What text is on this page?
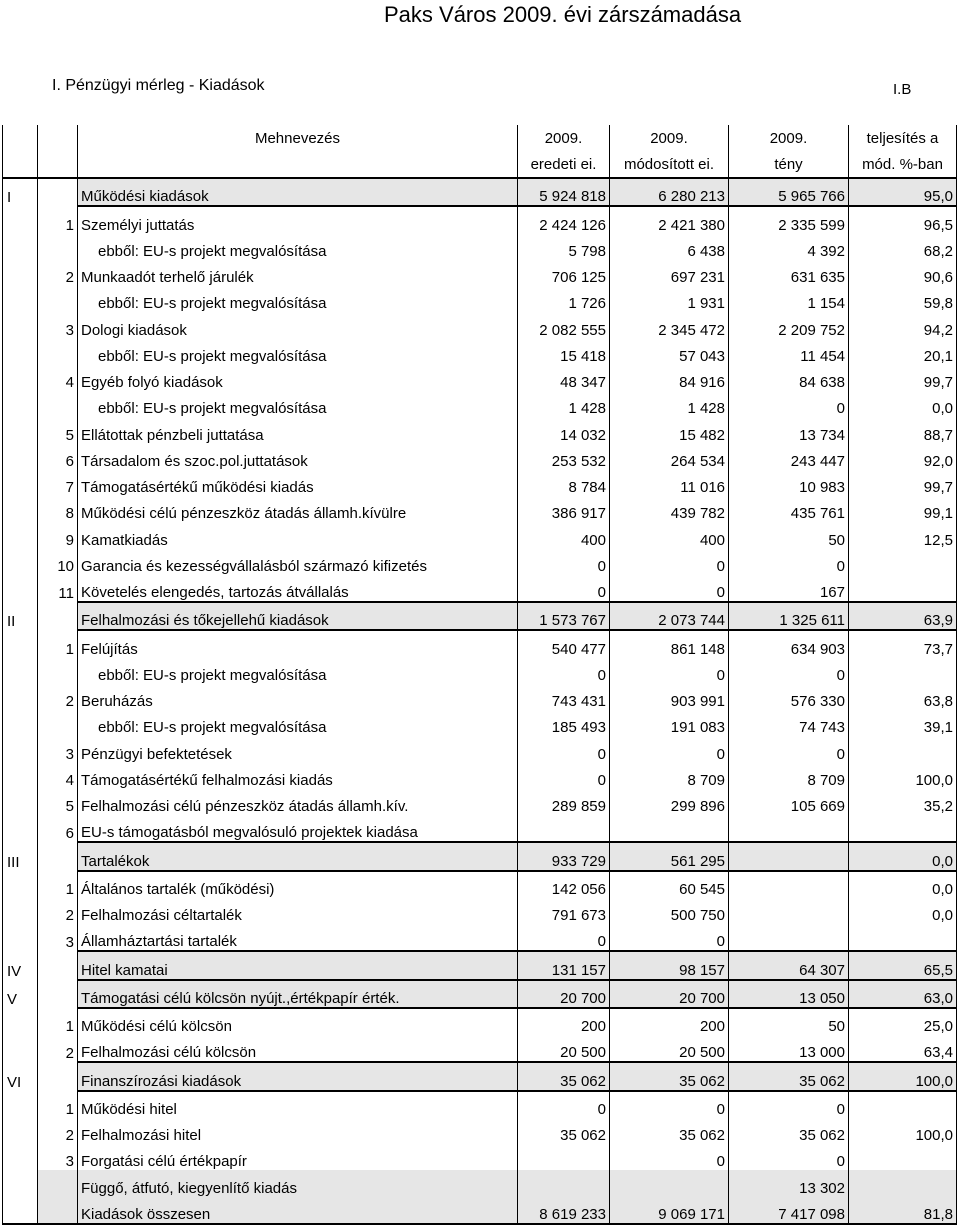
Paks Város 2009. évi zárszámadása
I. Pénzügyi mérleg - Kiadások	I.B
		Mehnevezés	2009.	2009.	2009.	teljesítés a
			eredeti ei.	módosított ei.	tény	mód. %-ban
I		Működési kiadások	5 924 818	6 280 213	5 965 766	95,0
	1	Személyi juttatás	2 424 126	2 421 380	2 335 599	96,5
		ebből: EU-s projekt megvalósítása	5 798	6 438	4 392	68,2
	2	Munkaadót terhelő járulék	706 125	697 231	631 635	90,6
		ebből: EU-s projekt megvalósítása	1 726	1 931	1 154	59,8
	3	Dologi kiadások	2 082 555	2 345 472	2 209 752	94,2
		ebből: EU-s projekt megvalósítása	15 418	57 043	11 454	20,1
	4	Egyéb folyó kiadások	48 347	84 916	84 638	99,7
		ebből: EU-s projekt megvalósítása	1 428	1 428	0	0,0
	5	Ellátottak pénzbeli juttatása	14 032	15 482	13 734	88,7
	6	Társadalom és szoc.pol.juttatások	253 532	264 534	243 447	92,0
	7	Támogatásértékű működési kiadás	8 784	11 016	10 983	99,7
	8	Működési célú pénzeszköz átadás államh.kívülre	386 917	439 782	435 761	99,1
	9	Kamatkiadás	400	400	50	12,5
	10	Garancia és kezességvállalásból származó kifizetés	0	0	0	
	11	Követelés elengedés, tartozás átvállalás	0	0	167	
II		Felhalmozási és tőkejellehű kiadások	1 573 767	2 073 744	1 325 611	63,9
	1	Felújítás	540 477	861 148	634 903	73,7
		ebből: EU-s projekt megvalósítása	0	0	0	
	2	Beruházás	743 431	903 991	576 330	63,8
		ebből: EU-s projekt megvalósítása	185 493	191 083	74 743	39,1
	3	Pénzügyi befektetések	0	0	0	
	4	Támogatásértékű felhalmozási kiadás	0	8 709	8 709	100,0
	5	Felhalmozási célú pénzeszköz átadás államh.kív.	289 859	299 896	105 669	35,2
	6	EU-s támogatásból megvalósuló projektek kiadása				
III		Tartalékok	933 729	561 295		0,0
	1	Általános tartalék (működési)	142 056	60 545		0,0
	2	Felhalmozási céltartalék	791 673	500 750		0,0
	3	Államháztartási tartalék	0	0		
IV		Hitel kamatai	131 157	98 157	64 307	65,5
V		Támogatási célú kölcsön nyújt.,értékpapír érték.	20 700	20 700	13 050	63,0
	1	Működési célú kölcsön	200	200	50	25,0
	2	Felhalmozási célú kölcsön	20 500	20 500	13 000	63,4
VI		Finanszírozási kiadások	35 062	35 062	35 062	100,0
	1	Működési hitel	0	0	0	
	2	Felhalmozási hitel	35 062	35 062	35 062	100,0
	3	Forgatási célú értékpapír		0	0	
		Függő, átfutó, kiegyenlítő kiadás			13 302	
		Kiadások összesen	8 619 233	9 069 171	7 417 098	81,8
